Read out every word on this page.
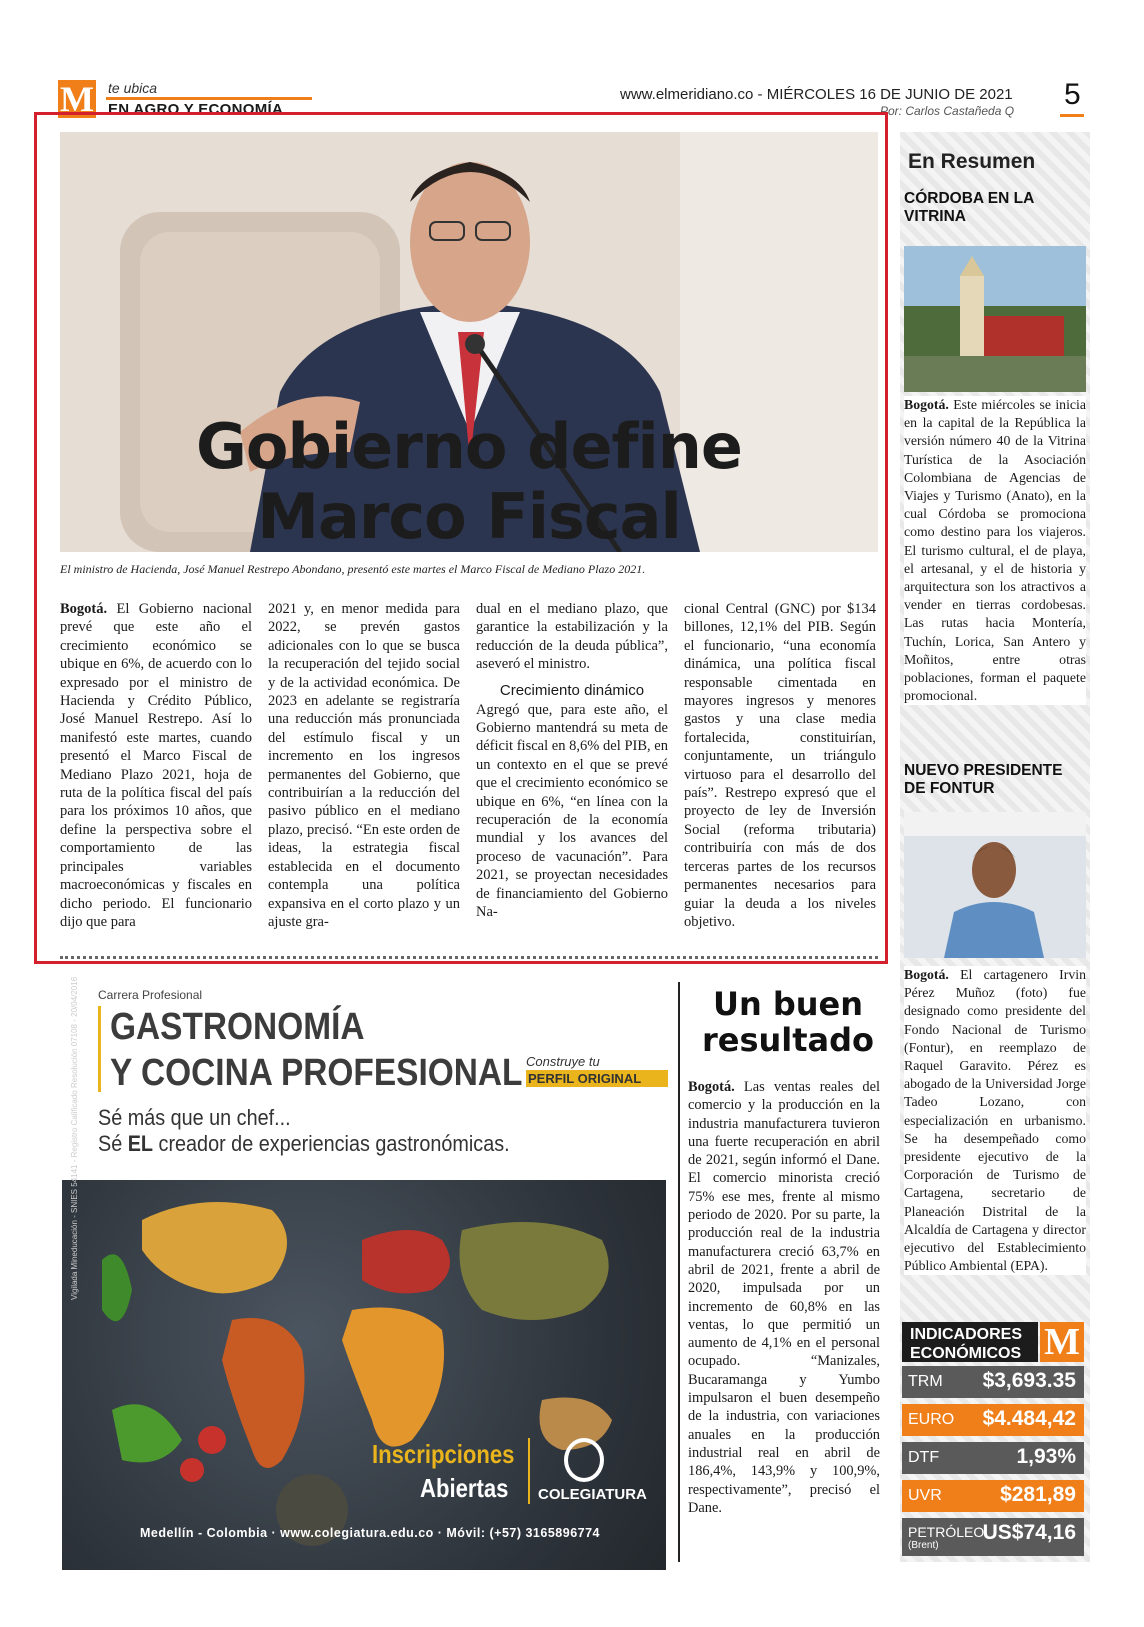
M te ubica
EN AGRO Y ECONOMÍA
www.elmeridiano.co - MIÉRCOLES 16 DE JUNIO DE 2021
Por: Carlos Castañeda Q 5
Gobierno define
Marco Fiscal
El ministro de Hacienda, José Manuel Restrepo Abondano, presentó este martes el Marco Fiscal de Mediano Plazo 2021.
Bogotá. El Gobierno nacional prevé que este año el crecimiento económico se ubique en 6%, de acuerdo con lo expresado por el ministro de Hacienda y Crédito Público, José Manuel Restrepo. Así lo manifestó este martes, cuando presentó el Marco Fiscal de Mediano Plazo 2021, hoja de ruta de la política fiscal del país para los próximos 10 años, que define la perspectiva sobre el comportamiento de las principales variables macroeconómicas y fiscales en dicho periodo. El funcionario dijo que para
2021 y, en menor medida para 2022, se prevén gastos adicionales con lo que se busca la recuperación del tejido social y de la actividad económica. De 2023 en adelante se registraría una reducción más pronunciada del estímulo fiscal y un incremento en los ingresos permanentes del Gobierno, que contribuirían a la reducción del pasivo público en el mediano plazo, precisó. “En este orden de ideas, la estrategia fiscal establecida en el documento contempla una política expansiva en el corto plazo y un ajuste gra-
dual en el mediano plazo, que garantice la estabilización y la reducción de la deuda pública”, aseveró el ministro.
Crecimiento dinámico
Agregó que, para este año, el Gobierno mantendrá su meta de déficit fiscal en 8,6% del PIB, en un contexto en el que se prevé que el crecimiento económico se ubique en 6%, “en línea con la recuperación de la economía mundial y los avances del proceso de vacunación”. Para 2021, se proyectan necesidades de financiamiento del Gobierno Na-
cional Central (GNC) por $134 billones, 12,1% del PIB. Según el funcionario, “una economía dinámica, una política fiscal responsable cimentada en mayores ingresos y menores gastos y una clase media fortalecida, constituirían, conjuntamente, un triángulo virtuoso para el desarrollo del país”. Restrepo expresó que el proyecto de ley de Inversión Social (reforma tributaria) contribuiría con más de dos terceras partes de los recursos permanentes necesarios para guiar la deuda a los niveles objetivo.
En Resumen
CÓRDOBA EN LA VITRINA
Bogotá. Este miércoles se inicia en la capital de la República la versión número 40 de la Vitrina Turística de la Asociación Colombiana de Agencias de Viajes y Turismo (Anato), en la cual Córdoba se promociona como destino para los viajeros. El turismo cultural, el de playa, el artesanal, y el de historia y arquitectura son los atractivos a vender en tierras cordobesas. Las rutas hacia Montería, Tuchín, Lorica, San Antero y Moñitos, entre otras poblaciones, forman el paquete promocional.
NUEVO PRESIDENTE DE FONTUR
Bogotá. El cartagenero Irvin Pérez Muñoz (foto) fue designado como presidente del Fondo Nacional de Turismo (Fontur), en reemplazo de Raquel Garavito. Pérez es abogado de la Universidad Jorge Tadeo Lozano, con especialización en urbanismo. Se ha desempeñado como presidente ejecutivo de la Corporación de Turismo de Cartagena, secretario de Planeación Distrital de la Alcaldía de Cartagena y director ejecutivo del Establecimiento Público Ambiental (EPA).
INDICADORES
ECONÓMICOS M
TRM $3,693.35
EURO $4.484,42
DTF	1,93%
UVR	$281,89
PETRÓLEO
(Brent)
US$74,16
Carrera Profesional
GASTRONOMÍA
Y COCINA PROFESIONAL Construye tu
PERFIL ORIGINAL
Sé más que un chef...
Sé EL creador de experiencias gastronómicas.
Vigilada Mineducación - SNIES 54141 - Registro Calificado Resolución 07108 - 20/04/2016
Inscripciones
Abiertas COLEGIATURA
Medellín - Colombia · www.colegiatura.edu.co · Móvil: (+57) 3165896774
Un buen
resultado
Bogotá. Las ventas reales del comercio y la producción en la industria manufacturera tuvieron una fuerte recuperación en abril de 2021, según informó el Dane. El comercio minorista creció 75% ese mes, frente al mismo periodo de 2020. Por su parte, la producción real de la industria manufacturera creció 63,7% en abril de 2021, frente a abril de 2020, impulsada por un incremento de 60,8% en las ventas, lo que permitió un aumento de 4,1% en el personal ocupado. “Manizales, Bucaramanga y Yumbo impulsaron el buen desempeño de la industria, con variaciones anuales en la producción industrial real en abril de 186,4%, 143,9% y 100,9%, respectivamente”, precisó el Dane.
